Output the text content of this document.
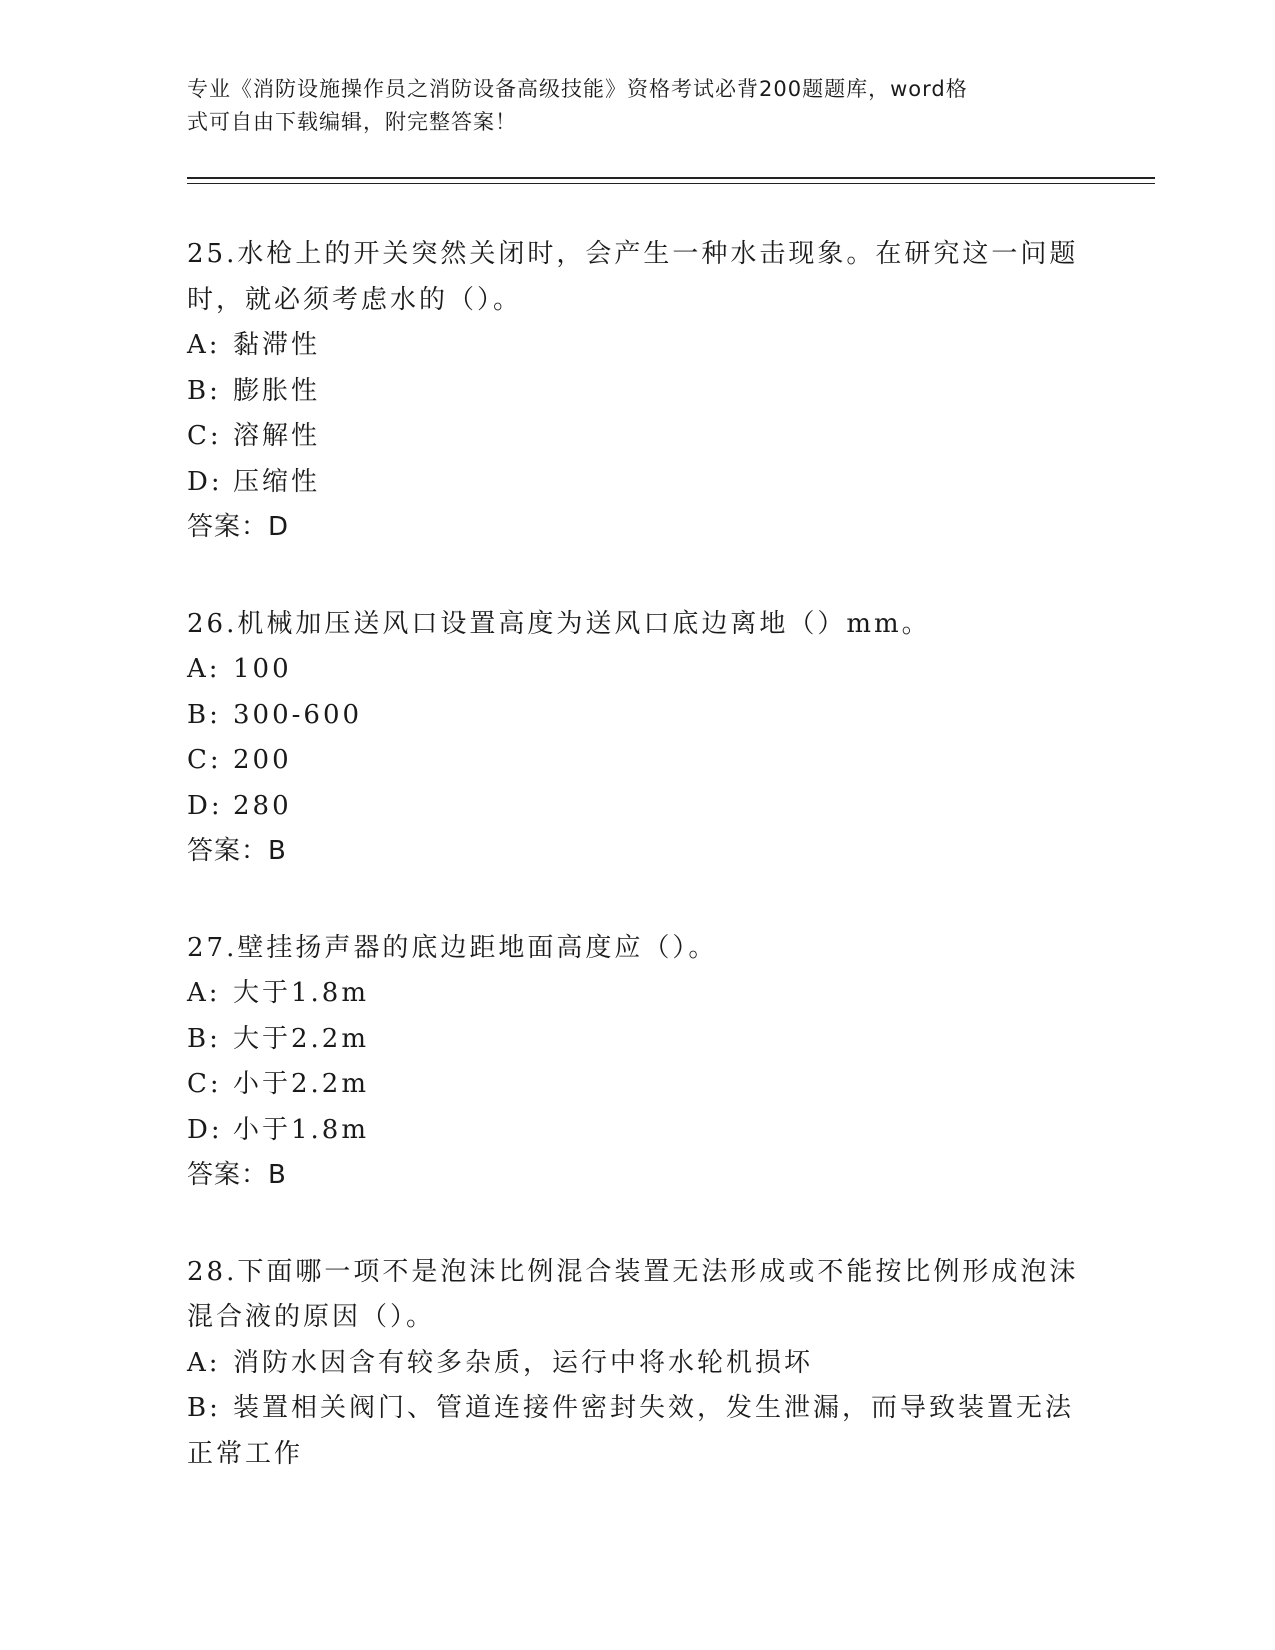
专业《消防设施操作员之消防设备高级技能》资格考试必背200题题库，word格
式可自由下载编辑，附完整答案！
25.水枪上的开关突然关闭时，会产生一种水击现象。在研究这一问题
时，就必须考虑水的（）。
A: 黏滞性
B: 膨胀性
C: 溶解性
D: 压缩性
答案：D
26.机械加压送风口设置高度为送风口底边离地（）mm。
A: 100
B: 300-600
C: 200
D: 280
答案：B
27.壁挂扬声器的底边距地面高度应（）。
A: 大于1.8m
B: 大于2.2m
C: 小于2.2m
D: 小于1.8m
答案：B
28.下面哪一项不是泡沫比例混合装置无法形成或不能按比例形成泡沫
混合液的原因（）。
A: 消防水因含有较多杂质，运行中将水轮机损坏
B: 装置相关阀门、管道连接件密封失效，发生泄漏，而导致装置无法
正常工作
